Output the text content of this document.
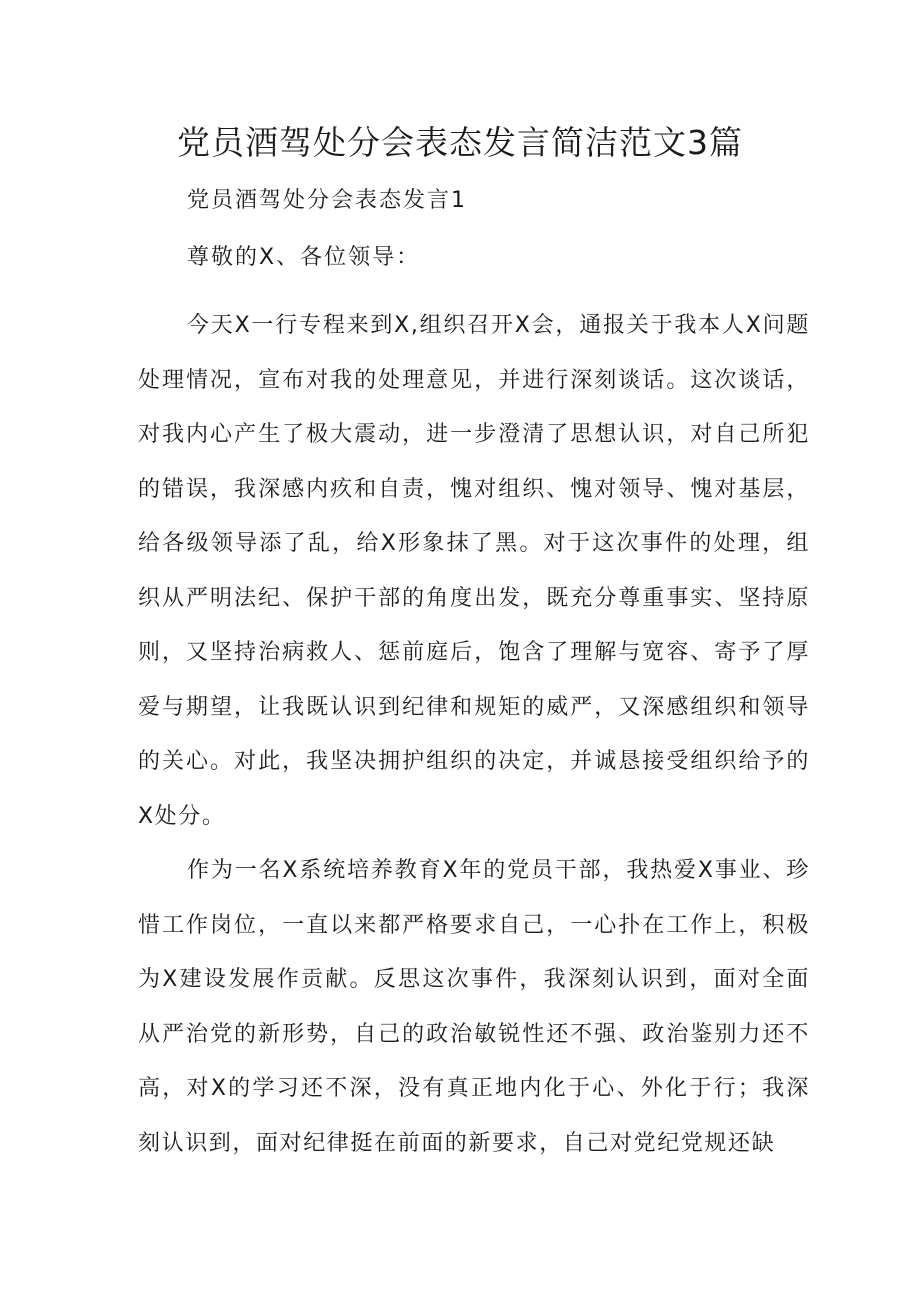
党员酒驾处分会表态发言简洁范文3篇

党员酒驾处分会表态发言1

尊敬的X、各位领导：

今天X一行专程来到X,组织召开X会，通报关于我本人X问题处理情况，宣布对我的处理意见，并进行深刻谈话。这次谈话，对我内心产生了极大震动，进一步澄清了思想认识，对自己所犯的错误，我深感内疚和自责，愧对组织、愧对领导、愧对基层，给各级领导添了乱，给X形象抹了黑。对于这次事件的处理，组织从严明法纪、保护干部的角度出发，既充分尊重事实、坚持原则，又坚持治病救人、惩前庭后，饱含了理解与宽容、寄予了厚爱与期望，让我既认识到纪律和规矩的威严，又深感组织和领导的关心。对此，我坚决拥护组织的决定，并诚恳接受组织给予的X处分。

作为一名X系统培养教育X年的党员干部，我热爱X事业、珍惜工作岗位，一直以来都严格要求自己，一心扑在工作上，积极为X建设发展作贡献。反思这次事件，我深刻认识到，面对全面从严治党的新形势，自己的政治敏锐性还不强、政治鉴别力还不高，对X的学习还不深，没有真正地内化于心、外化于行；我深刻认识到，面对纪律挺在前面的新要求，自己对党纪党规还缺
